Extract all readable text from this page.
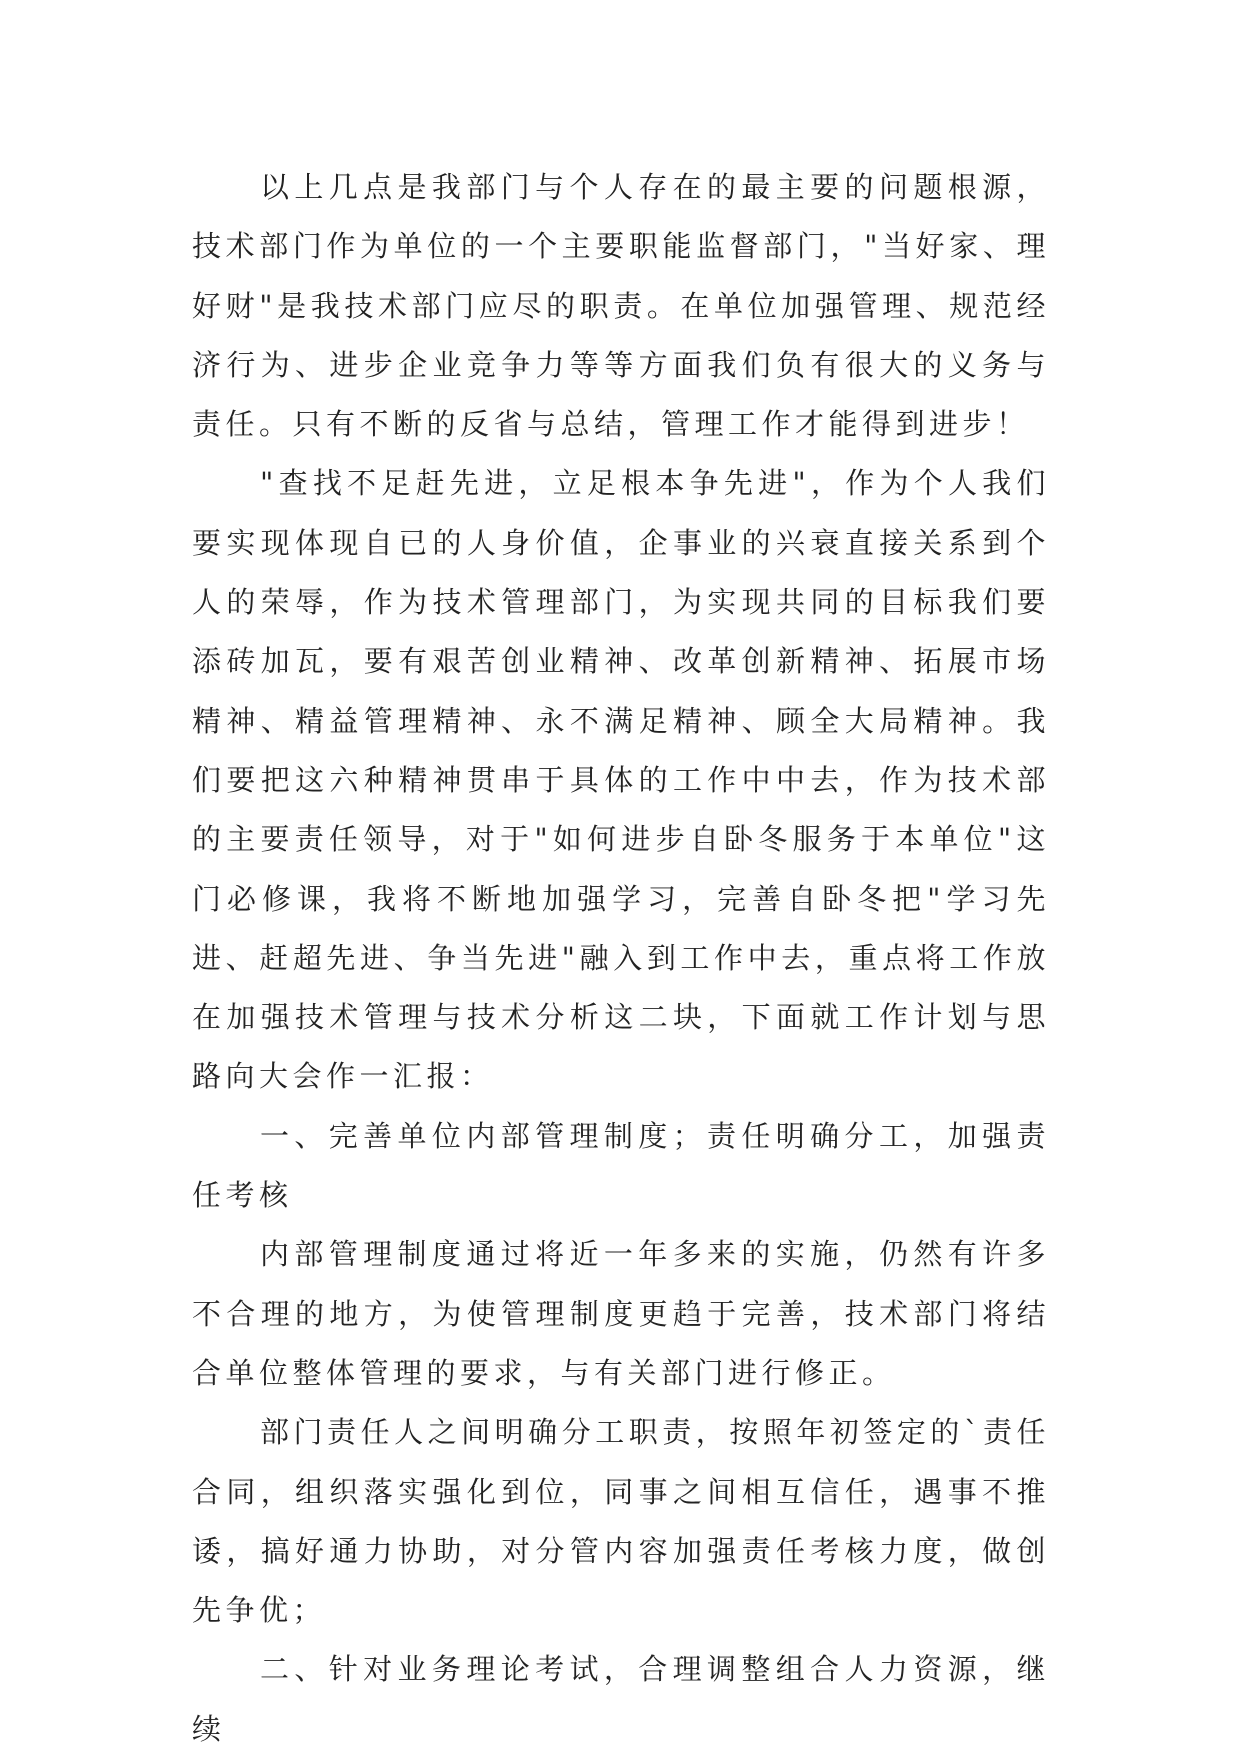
以上几点是我部门与个人存在的最主要的问题根源，技术部门作为单位的一个主要职能监督部门，"当好家、理好财"是我技术部门应尽的职责。在单位加强管理、规范经济行为、进步企业竞争力等等方面我们负有很大的义务与责任。只有不断的反省与总结，管理工作才能得到进步！

"查找不足赶先进，立足根本争先进"，作为个人我们要实现体现自已的人身价值，企事业的兴衰直接关系到个人的荣辱，作为技术管理部门，为实现共同的目标我们要添砖加瓦，要有艰苦创业精神、改革创新精神、拓展市场精神、精益管理精神、永不满足精神、顾全大局精神。我们要把这六种精神贯串于具体的工作中中去，作为技术部的主要责任领导，对于"如何进步自卧冬服务于本单位"这门必修课，我将不断地加强学习，完善自卧冬把"学习先进、赶超先进、争当先进"融入到工作中去，重点将工作放在加强技术管理与技术分析这二块，下面就工作计划与思路向大会作一汇报：

一、完善单位内部管理制度；责任明确分工，加强责任考核

内部管理制度通过将近一年多来的实施，仍然有许多不合理的地方，为使管理制度更趋于完善，技术部门将结合单位整体管理的要求，与有关部门进行修正。

部门责任人之间明确分工职责，按照年初签定的`责任合同，组织落实强化到位，同事之间相互信任，遇事不推诿，搞好通力协助，对分管内容加强责任考核力度，做创先争优；

二、针对业务理论考试，合理调整组合人力资源，继续
